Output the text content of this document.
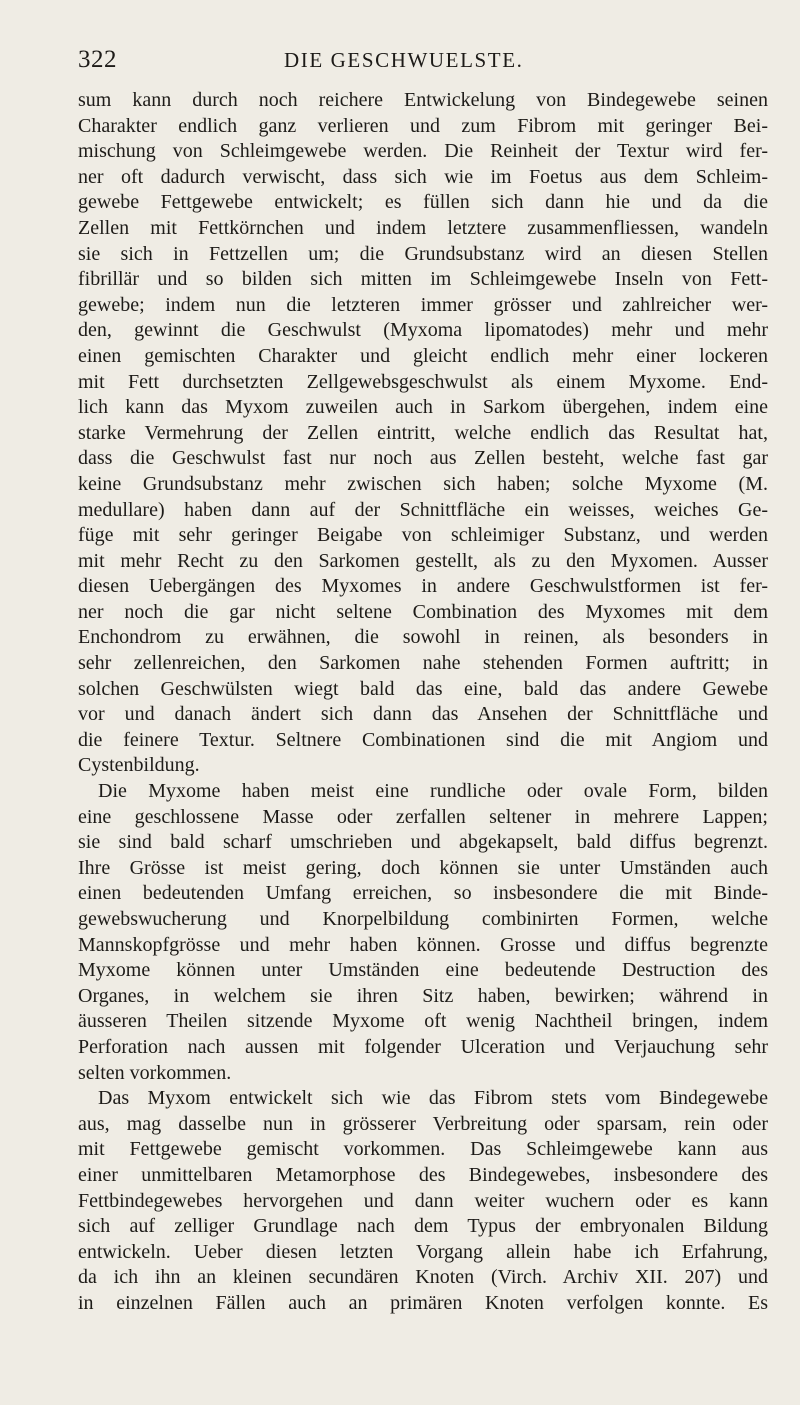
322	DIE GESCHWUELSTE.
sum kann durch noch reichere Entwickelung von Bindegewebe seinen
Charakter endlich ganz verlieren und zum Fibrom mit geringer Bei-
mischung von Schleimgewebe werden. Die Reinheit der Textur wird fer-
ner oft dadurch verwischt, dass sich wie im Foetus aus dem Schleim-
gewebe Fettgewebe entwickelt; es füllen sich dann hie und da die
Zellen mit Fettkörnchen und indem letztere zusammenfliessen, wandeln
sie sich in Fettzellen um; die Grundsubstanz wird an diesen Stellen
fibrillär und so bilden sich mitten im Schleimgewebe Inseln von Fett-
gewebe; indem nun die letzteren immer grösser und zahlreicher wer-
den, gewinnt die Geschwulst (Myxoma lipomatodes) mehr und mehr
einen gemischten Charakter und gleicht endlich mehr einer lockeren
mit Fett durchsetzten Zellgewebsgeschwulst als einem Myxome. End-
lich kann das Myxom zuweilen auch in Sarkom übergehen, indem eine
starke Vermehrung der Zellen eintritt, welche endlich das Resultat hat,
dass die Geschwulst fast nur noch aus Zellen besteht, welche fast gar
keine Grundsubstanz mehr zwischen sich haben; solche Myxome (M.
medullare) haben dann auf der Schnittfläche ein weisses, weiches Ge-
füge mit sehr geringer Beigabe von schleimiger Substanz, und werden
mit mehr Recht zu den Sarkomen gestellt, als zu den Myxomen. Ausser
diesen Uebergängen des Myxomes in andere Geschwulstformen ist fer-
ner noch die gar nicht seltene Combination des Myxomes mit dem
Enchondrom zu erwähnen, die sowohl in reinen, als besonders in
sehr zellenreichen, den Sarkomen nahe stehenden Formen auftritt; in
solchen Geschwülsten wiegt bald das eine, bald das andere Gewebe
vor und danach ändert sich dann das Ansehen der Schnittfläche und
die feinere Textur. Seltnere Combinationen sind die mit Angiom und
Cystenbildung.
Die Myxome haben meist eine rundliche oder ovale Form, bilden
eine geschlossene Masse oder zerfallen seltener in mehrere Lappen;
sie sind bald scharf umschrieben und abgekapselt, bald diffus begrenzt.
Ihre Grösse ist meist gering, doch können sie unter Umständen auch
einen bedeutenden Umfang erreichen, so insbesondere die mit Binde-
gewebswucherung und Knorpelbildung combinirten Formen, welche
Mannskopfgrösse und mehr haben können. Grosse und diffus begrenzte
Myxome können unter Umständen eine bedeutende Destruction des
Organes, in welchem sie ihren Sitz haben, bewirken; während in
äusseren Theilen sitzende Myxome oft wenig Nachtheil bringen, indem
Perforation nach aussen mit folgender Ulceration und Verjauchung sehr
selten vorkommen.
Das Myxom entwickelt sich wie das Fibrom stets vom Bindegewebe
aus, mag dasselbe nun in grösserer Verbreitung oder sparsam, rein oder
mit Fettgewebe gemischt vorkommen. Das Schleimgewebe kann aus
einer unmittelbaren Metamorphose des Bindegewebes, insbesondere des
Fettbindegewebes hervorgehen und dann weiter wuchern oder es kann
sich auf zelliger Grundlage nach dem Typus der embryonalen Bildung
entwickeln. Ueber diesen letzten Vorgang allein habe ich Erfahrung,
da ich ihn an kleinen secundären Knoten (Virch. Archiv XII. 207) und
in einzelnen Fällen auch an primären Knoten verfolgen konnte. Es
